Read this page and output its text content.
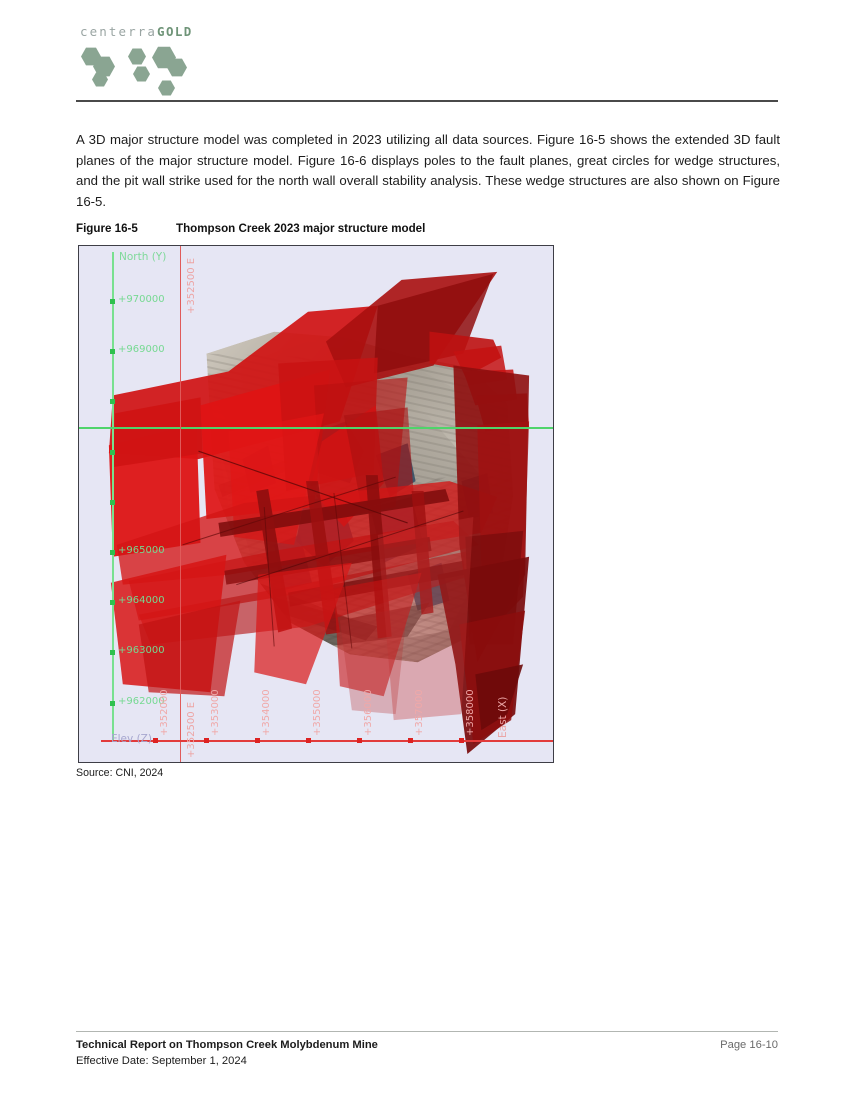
centerraGOLD
A 3D major structure model was completed in 2023 utilizing all data sources. Figure 16-5 shows the extended 3D fault planes of the major structure model. Figure 16-6 displays poles to the fault planes, great circles for wedge structures, and the pit wall strike used for the north wall overall stability analysis. These wedge structures are also shown on Figure 16-5.
Figure 16-5	Thompson Creek 2023 major structure model
North (Y)
+970000
+969000
+965000
+964000
+963000
+962000
+352500 E
+352500 E
Elev (Z)
+352000	+353000	+354000	+355000	+356000	+357000	+358000 East (X)
Source: CNI, 2024
Technical Report on Thompson Creek Molybdenum Mine
Effective Date: September 1, 2024
Page 16-10
